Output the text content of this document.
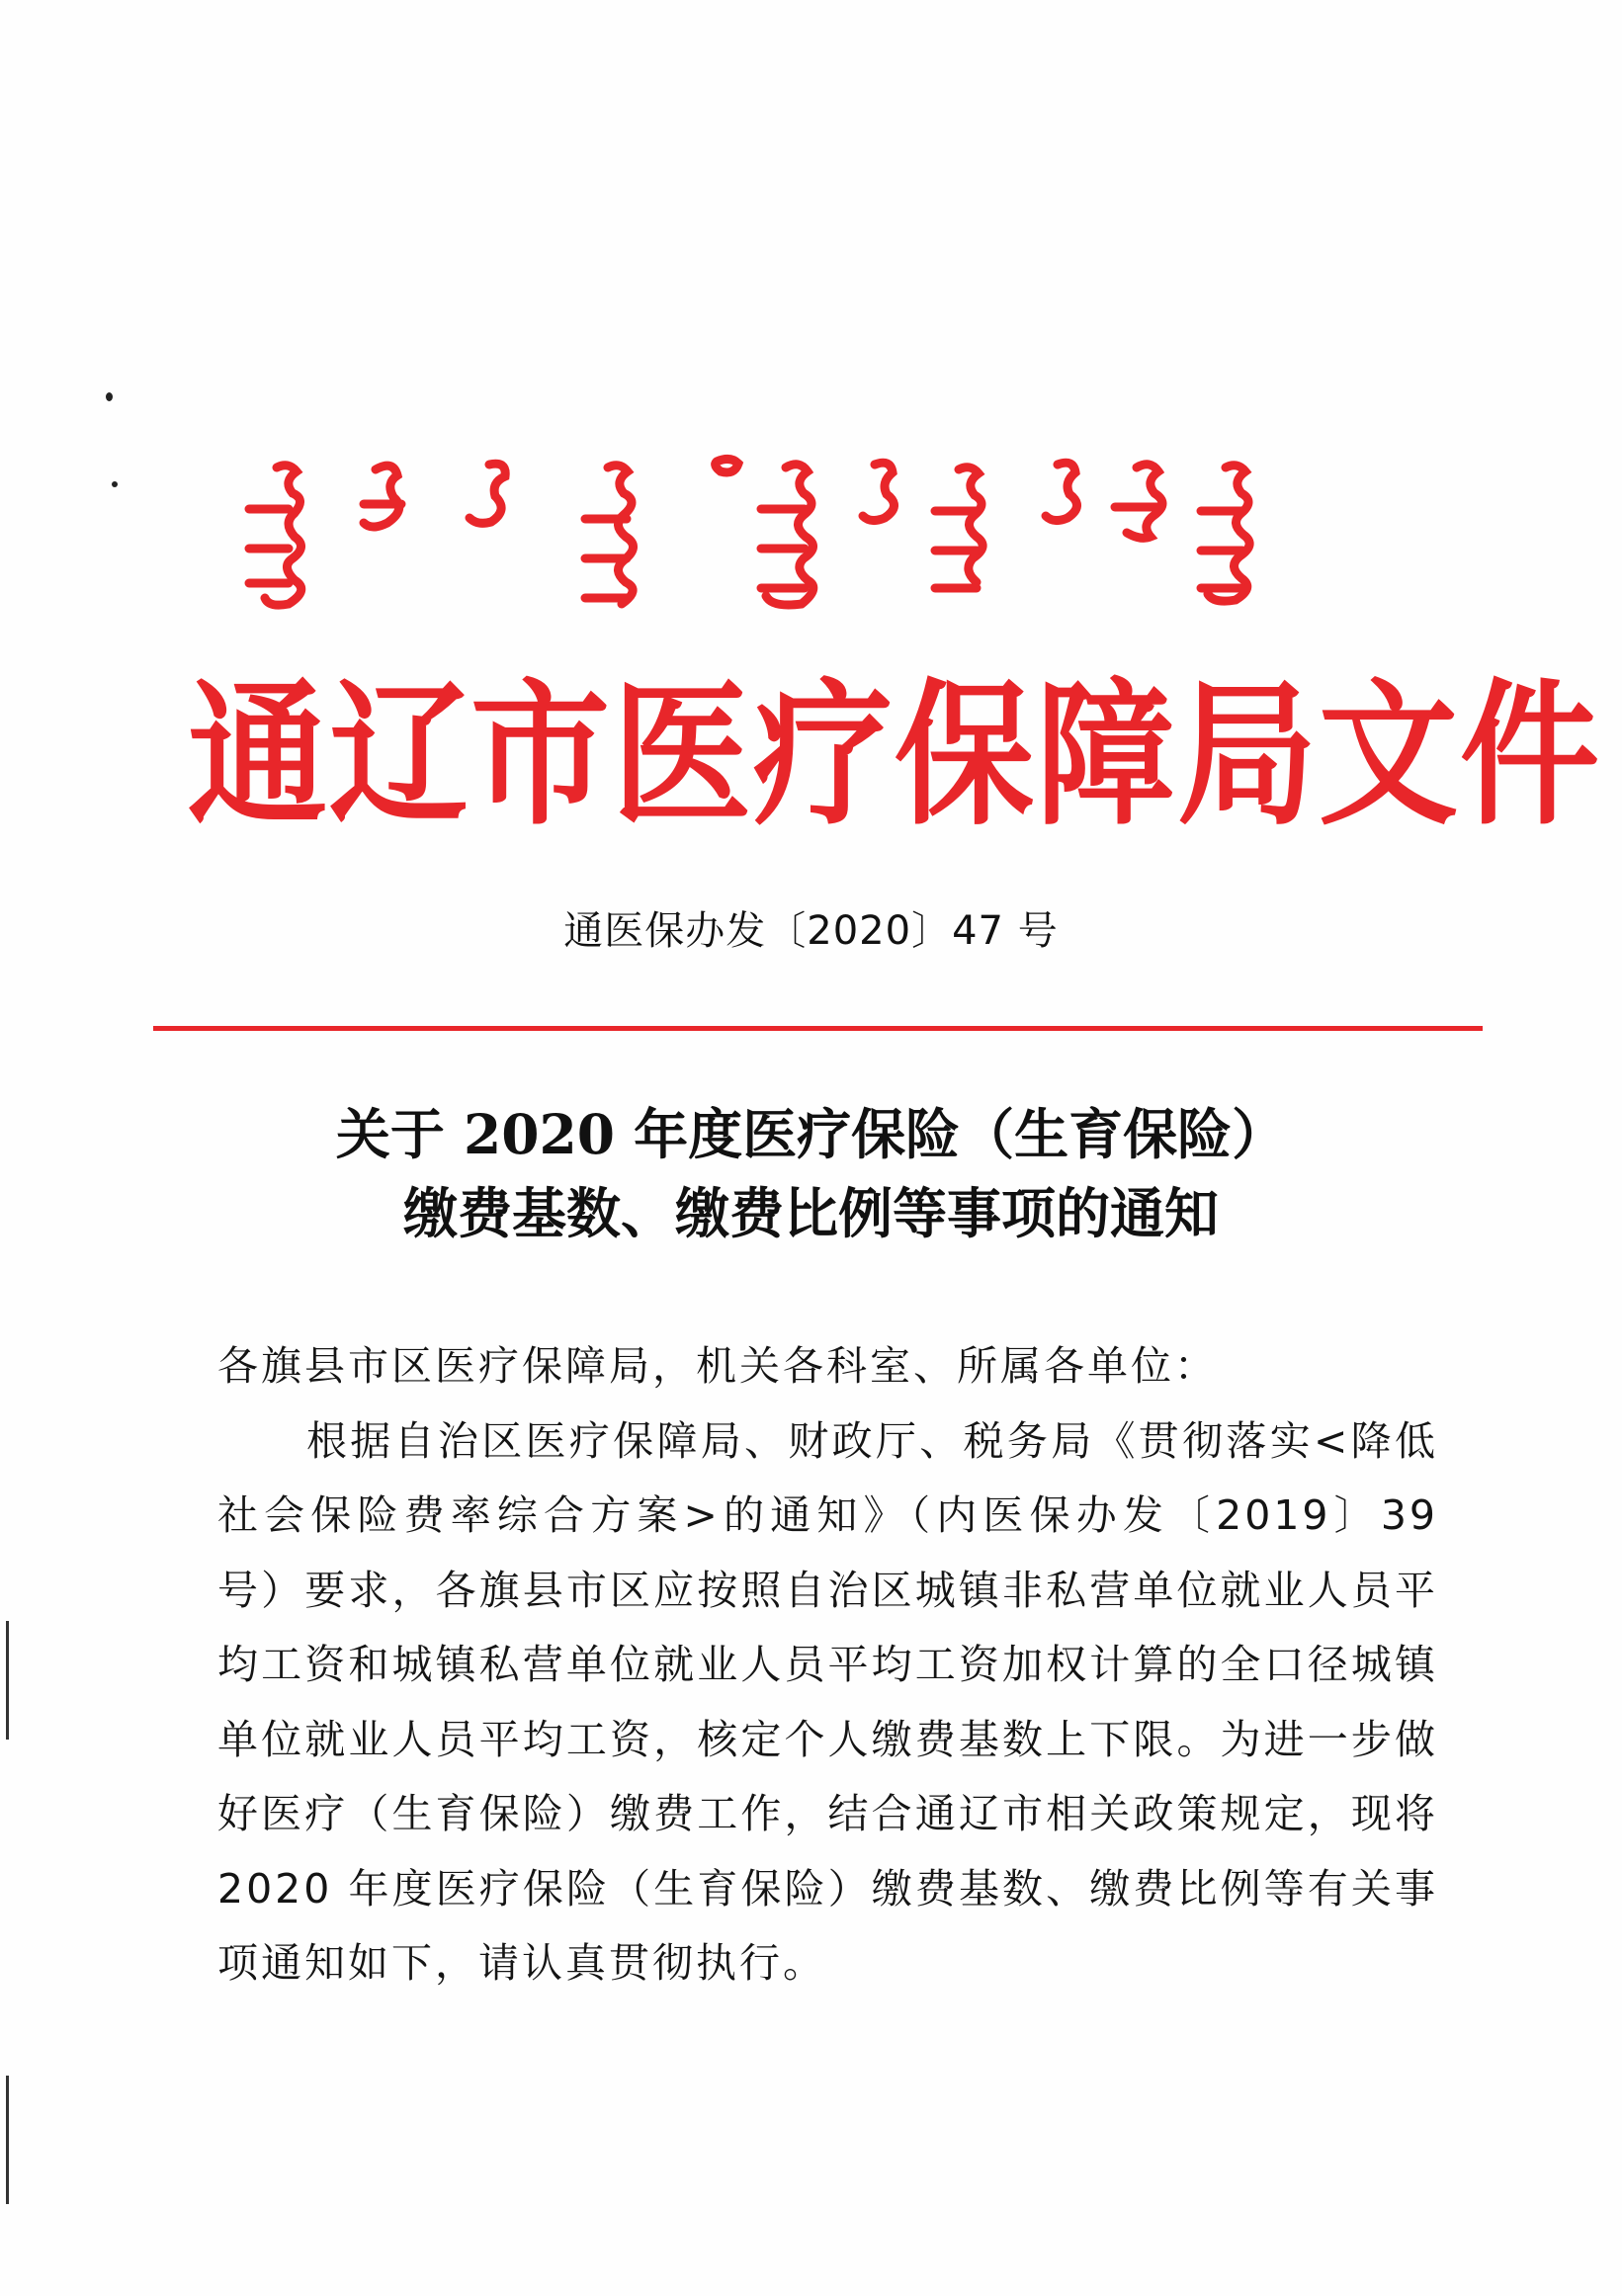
通辽市医疗保障局文件
通医保办发〔2020〕47 号
关于 2020 年度医疗保险（生育保险）
缴费基数、缴费比例等事项的通知

各旗县市区医疗保障局，机关各科室、所属各单位：

根据自治区医疗保障局、财政厅、税务局《贯彻落实<降低社会保险费率综合方案>的通知》（内医保办发〔2019〕39 号）要求，各旗县市区应按照自治区城镇非私营单位就业人员平均工资和城镇私营单位就业人员平均工资加权计算的全口径城镇单位就业人员平均工资，核定个人缴费基数上下限。为进一步做好医疗（生育保险）缴费工作，结合通辽市相关政策规定，现将 2020 年度医疗保险（生育保险）缴费基数、缴费比例等有关事项通知如下，请认真贯彻执行。
